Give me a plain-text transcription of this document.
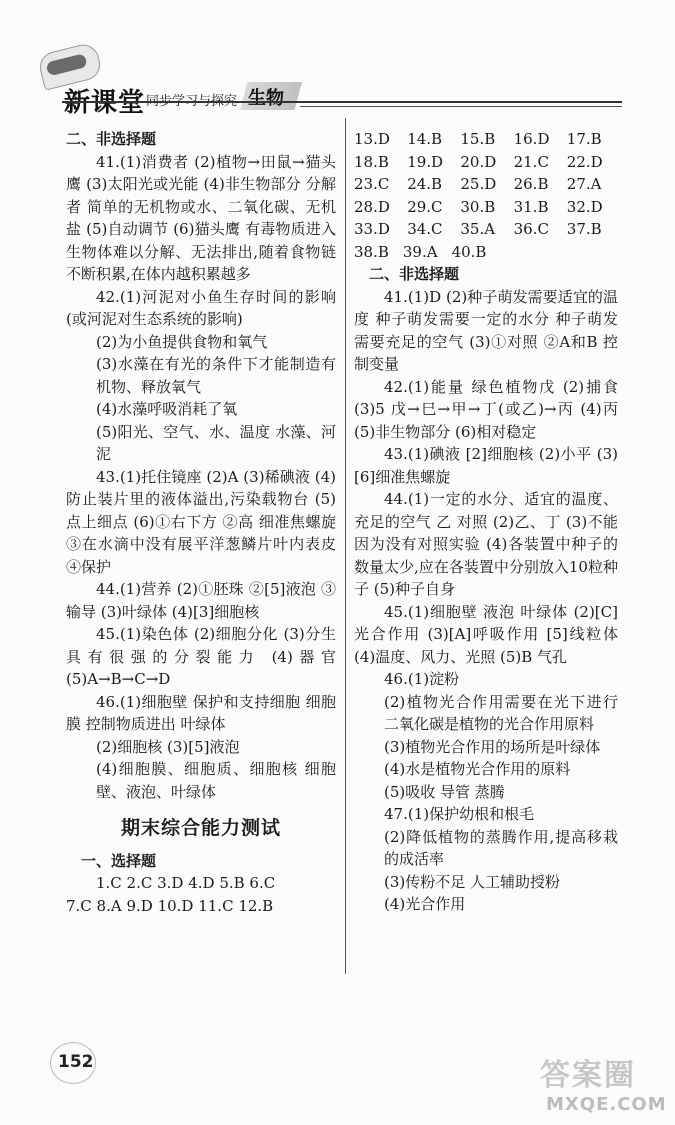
新课堂 同步学习与探究 生物

二、非选择题

41.(1)消费者 (2)植物→田鼠→猫头鹰 (3)太阳光或光能 (4)非生物部分 分解者 简单的无机物或水、二氧化碳、无机盐 (5)自动调节 (6)猫头鹰 有毒物质进入生物体难以分解、无法排出,随着食物链不断积累,在体内越积累越多

42.(1)河泥对小鱼生存时间的影响(或河泥对生态系统的影响)

(2)为小鱼提供食物和氧气

(3)水藻在有光的条件下才能制造有机物、释放氧气

(4)水藻呼吸消耗了氧

(5)阳光、空气、水、温度 水藻、河泥

43.(1)托住镜座 (2)A (3)稀碘液 (4)防止装片里的液体溢出,污染载物台 (5)点上细点 (6)①右下方 ②高 细准焦螺旋 ③在水滴中没有展平洋葱鳞片叶内表皮 ④保护

44.(1)营养 (2)①胚珠 ②[5]液泡 ③输导 (3)叶绿体 (4)[3]细胞核

45.(1)染色体 (2)细胞分化 (3)分生 具有很强的分裂能力 (4)器官 (5)A→B→C→D

46.(1)细胞壁 保护和支持细胞 细胞膜 控制物质进出 叶绿体

(2)细胞核 (3)[5]液泡

(4)细胞膜、细胞质、细胞核 细胞壁、液泡、叶绿体

期末综合能力测试

一、选择题

1.C 2.C 3.D 4.D 5.B 6.C

7.C 8.A 9.D 10.D 11.C 12.B

13.D	14.B	15.B	16.D	17.B
18.B	19.D	20.D	21.C	22.D
23.C	24.B	25.D	26.B	27.A
28.D	29.C	30.B	31.B	32.D
33.D	34.C	35.A	36.C	37.B
38.B 39.A 40.B

二、非选择题

41.(1)D (2)种子萌发需要适宜的温度 种子萌发需要一定的水分 种子萌发需要充足的空气 (3)①对照 ②A和B 控制变量

42.(1)能量 绿色植物戊 (2)捕食 (3)5 戊→巳→甲→丁(或乙)→丙 (4)丙 (5)非生物部分 (6)相对稳定

43.(1)碘液 [2]细胞核 (2)小平 (3)[6]细准焦螺旋

44.(1)一定的水分、适宜的温度、充足的空气 乙 对照 (2)乙、丁 (3)不能 因为没有对照实验 (4)各装置中种子的数量太少,应在各装置中分别放入10粒种子 (5)种子自身

45.(1)细胞壁 液泡 叶绿体 (2)[C]光合作用 (3)[A]呼吸作用 [5]线粒体 (4)温度、风力、光照 (5)B 气孔

46.(1)淀粉

(2)植物光合作用需要在光下进行 二氧化碳是植物的光合作用原料

(3)植物光合作用的场所是叶绿体

(4)水是植物光合作用的原料

(5)吸收 导管 蒸腾

47.(1)保护幼根和根毛

(2)降低植物的蒸腾作用,提高移栽的成活率

(3)传粉不足 人工辅助授粉

(4)光合作用

152	答案圈
MXQE.COM
